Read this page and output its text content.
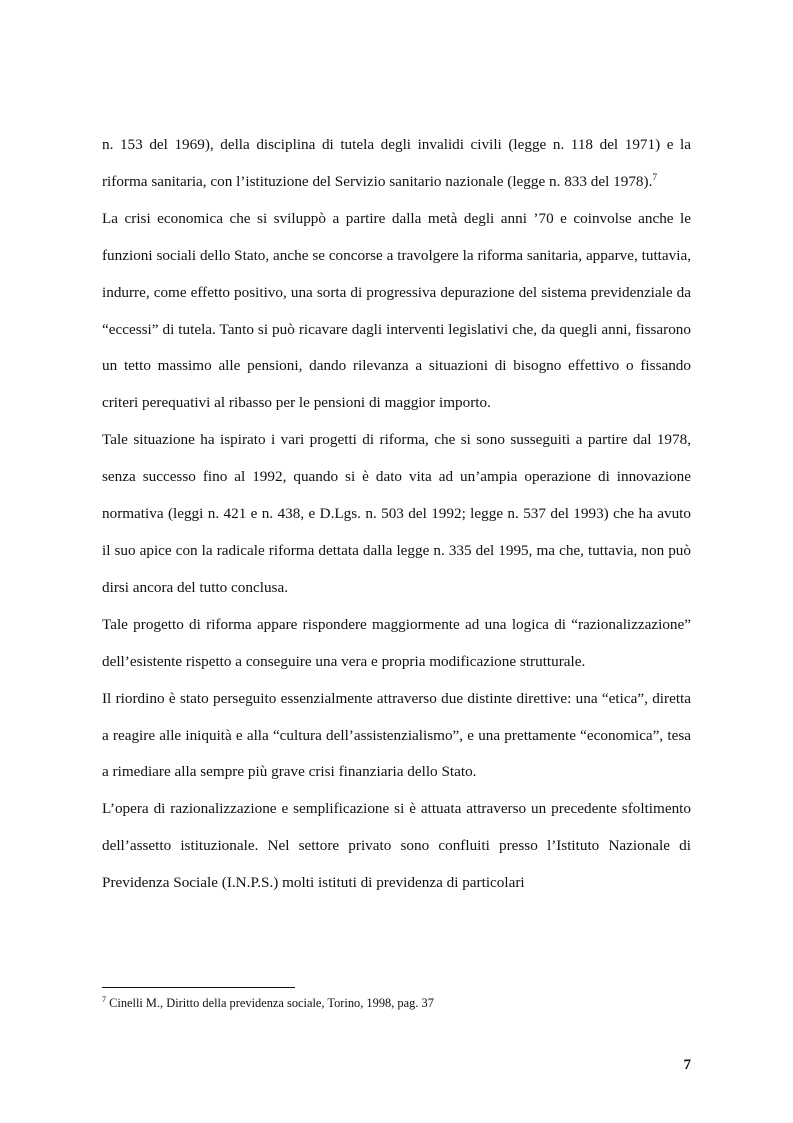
n. 153 del 1969), della disciplina di tutela degli invalidi civili (legge n. 118 del 1971) e la riforma sanitaria, con l’istituzione del Servizio sanitario nazionale (legge n. 833 del 1978).$^7$

La crisi economica che si sviluppò a partire dalla metà degli anni ’70 e coinvolse anche le funzioni sociali dello Stato, anche se concorse a travolgere la riforma sanitaria, apparve, tuttavia, indurre, come effetto positivo, una sorta di progressiva depurazione del sistema previdenziale da “eccessi” di tutela. Tanto si può ricavare dagli interventi legislativi che, da quegli anni, fissarono un tetto massimo alle pensioni, dando rilevanza a situazioni di bisogno effettivo o fissando criteri perequativi al ribasso per le pensioni di maggior importo.

Tale situazione ha ispirato i vari progetti di riforma, che si sono susseguiti a partire dal 1978, senza successo fino al 1992, quando si è dato vita ad un’ampia operazione di innovazione normativa (leggi n. 421 e n. 438, e D.Lgs. n. 503 del 1992; legge n. 537 del 1993) che ha avuto il suo apice con la radicale riforma dettata dalla legge n. 335 del 1995, ma che, tuttavia, non può dirsi ancora del tutto conclusa.

Tale progetto di riforma appare rispondere maggiormente ad una logica di “razionalizzazione” dell’esistente rispetto a conseguire una vera e propria modificazione strutturale.

Il riordino è stato perseguito essenzialmente attraverso due distinte direttive: una “etica”, diretta a reagire alle iniquità e alla “cultura dell’assistenzialismo”, e una prettamente “economica”, tesa a rimediare alla sempre più grave crisi finanziaria dello Stato.

L’opera di razionalizzazione e semplificazione si è attuata attraverso un precedente sfoltimento dell’assetto istituzionale. Nel settore privato sono confluiti presso l’Istituto Nazionale di Previdenza Sociale (I.N.P.S.) molti istituti di previdenza di particolari

$^7$ Cinelli M., Diritto della previdenza sociale, Torino, 1998, pag. 37
7
